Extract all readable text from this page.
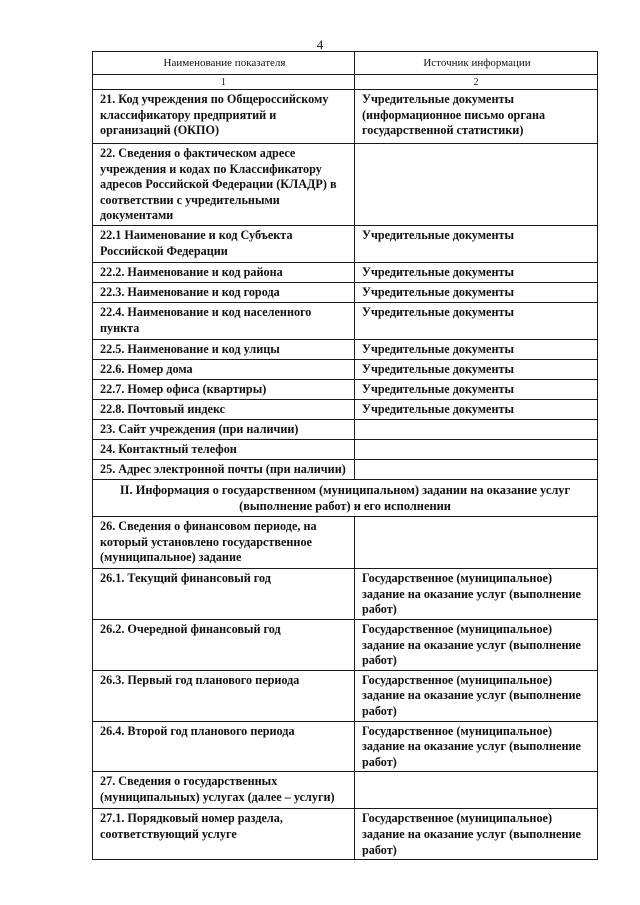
4
Наименование показателя	Источник информации
1	2
21. Код учреждения по Общероссийскому классификатору предприятий и организаций (ОКПО)	Учредительные документы (информационное письмо органа государственной статистики)
22. Сведения о фактическом адресе учреждения и кодах по Классификатору адресов Российской Федерации (КЛАДР) в соответствии с учредительными документами	
22.1 Наименование и код Субъекта Российской Федерации	Учредительные документы
22.2. Наименование и код района	Учредительные документы
22.3. Наименование и код города	Учредительные документы
22.4. Наименование и код населенного пункта	Учредительные документы
22.5. Наименование и код улицы	Учредительные документы
22.6. Номер дома	Учредительные документы
22.7. Номер офиса (квартиры)	Учредительные документы
22.8. Почтовый индекс	Учредительные документы
23. Сайт учреждения (при наличии)	
24. Контактный телефон	
25. Адрес электронной почты (при наличии)	
II. Информация о государственном (муниципальном) задании на оказание услуг (выполнение работ) и его исполнении	
26. Сведения о финансовом периоде, на который установлено государственное (муниципальное) задание	
26.1. Текущий финансовый год	Государственное (муниципальное) задание на оказание услуг (выполнение работ)
26.2. Очередной финансовый год	Государственное (муниципальное) задание на оказание услуг (выполнение работ)
26.3. Первый год планового периода	Государственное (муниципальное) задание на оказание услуг (выполнение работ)
26.4. Второй год планового периода	Государственное (муниципальное) задание на оказание услуг (выполнение работ)
27. Сведения о государственных (муниципальных) услугах (далее – услуги)	
27.1. Порядковый номер раздела, соответствующий услуге	Государственное (муниципальное) задание на оказание услуг (выполнение работ)
